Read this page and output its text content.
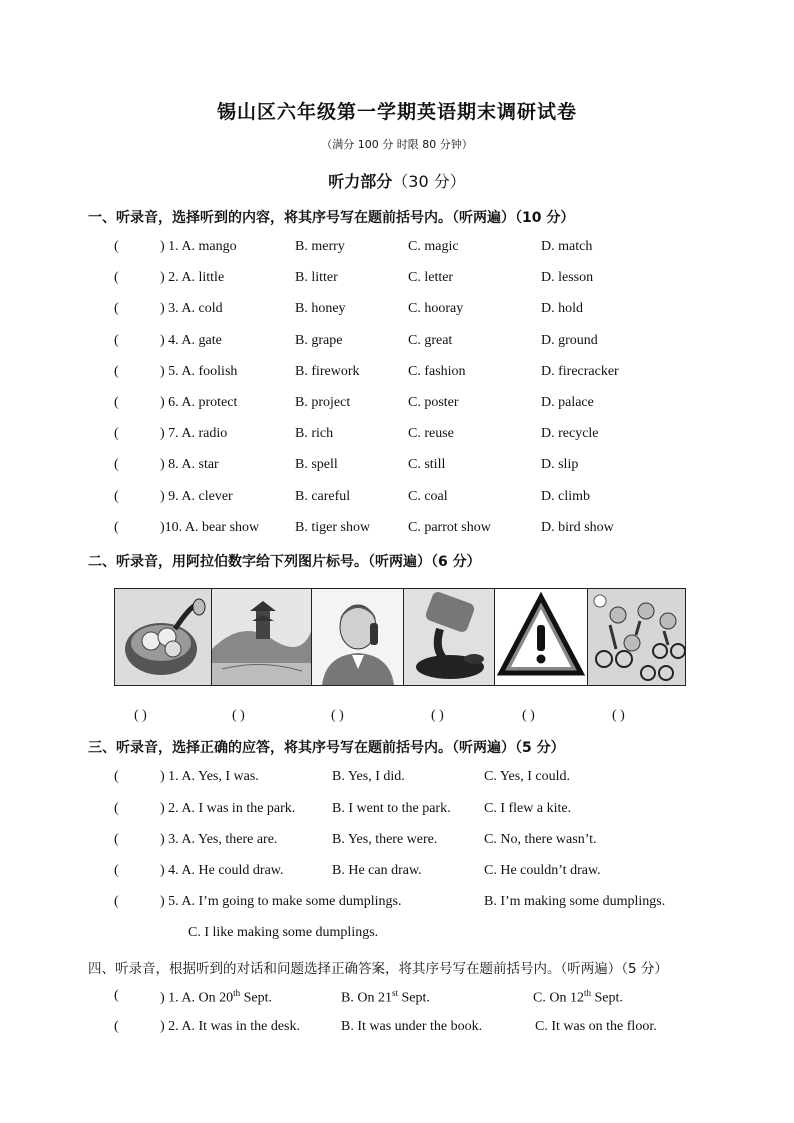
锡山区六年级第一学期英语期末调研试卷
（满分 100 分 时限 80 分钟）
听力部分（30 分）
一、听录音，选择听到的内容，将其序号写在题前括号内。（听两遍）（10 分）
(	) 1. A. mango	B. merry	C. magic	D. match
(	) 2. A. little	B. litter	C. letter	D. lesson
(	) 3. A. cold	B. honey	C. hooray	D. hold
(	) 4. A. gate	B. grape	C. great	D. ground
(	) 5. A. foolish	B. firework	C. fashion	D. firecracker
(	) 6. A. protect	B. project	C. poster	D. palace
(	) 7. A. radio	B. rich	C. reuse	D. recycle
(	) 8. A. star	B. spell	C. still	D. slip
(	) 9. A. clever	B. careful	C. coal	D. climb
(	)10. A. bear show	B. tiger show	C. parrot show	D. bird show
二、听录音，用阿拉伯数字给下列图片标号。（听两遍）（6 分）
( )	( )	( )	( )	( )	( )
三、听录音，选择正确的应答，将其序号写在题前括号内。（听两遍）（5 分）
(	) 1. A. Yes, I was.	B. Yes, I did.	C. Yes, I could.
(	) 2. A. I was in the park.	B. I went to the park. C. I flew a kite.
(	) 3. A. Yes, there are.	B. Yes, there were.	C. No, there wasn’t.
(	) 4. A. He could draw.	B. He can draw.	C. He couldn’t draw.
(	) 5. A. I’m going to make some dumplings.	B. I’m making some dumplings.
C. I like making some dumplings.
四、听录音，根据听到的对话和问题选择正确答案，将其序号写在题前括号内。（听两遍）（5 分）
(	) 1. A. On 20th Sept.	B. On 21st Sept.	C. On 12th Sept.
(	) 2. A. It was in the desk.	B. It was under the book.	C. It was on the floor.
